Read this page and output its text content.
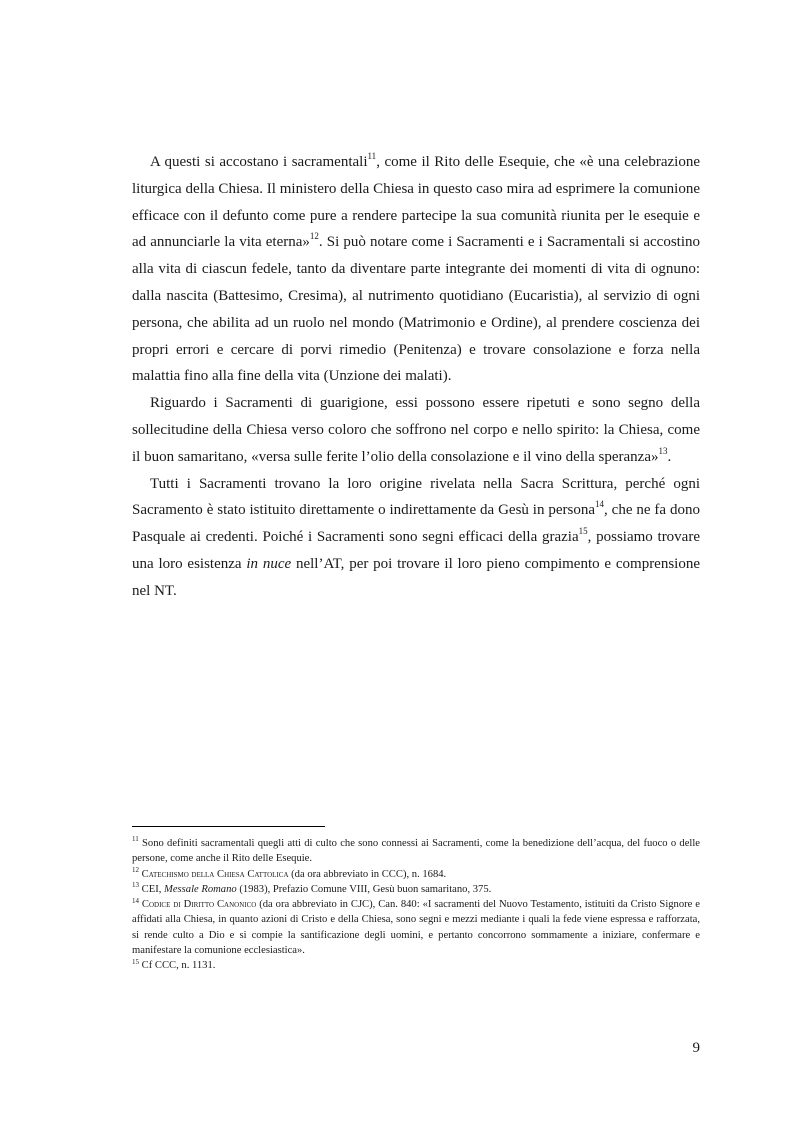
A questi si accostano i sacramentali$^{11}$, come il Rito delle Esequie, che «è una celebrazione liturgica della Chiesa. Il ministero della Chiesa in questo caso mira ad esprimere la comunione efficace con il defunto come pure a rendere partecipe la sua comunità riunita per le esequie e ad annunciarle la vita eterna»$^{12}$. Si può notare come i Sacramenti e i Sacramentali si accostino alla vita di ciascun fedele, tanto da diventare parte integrante dei momenti di vita di ognuno: dalla nascita (Battesimo, Cresima), al nutrimento quotidiano (Eucaristia), al servizio di ogni persona, che abilita ad un ruolo nel mondo (Matrimonio e Ordine), al prendere coscienza dei propri errori e cercare di porvi rimedio (Penitenza) e trovare consolazione e forza nella malattia fino alla fine della vita (Unzione dei malati).

Riguardo i Sacramenti di guarigione, essi possono essere ripetuti e sono segno della sollecitudine della Chiesa verso coloro che soffrono nel corpo e nello spirito: la Chiesa, come il buon samaritano, «versa sulle ferite l’olio della consolazione e il vino della speranza»$^{13}$.

Tutti i Sacramenti trovano la loro origine rivelata nella Sacra Scrittura, perché ogni Sacramento è stato istituito direttamente o indirettamente da Gesù in persona$^{14}$, che ne fa dono Pasquale ai credenti. Poiché i Sacramenti sono segni efficaci della grazia$^{15}$, possiamo trovare una loro esistenza in nuce nell’AT, per poi trovare il loro pieno compimento e comprensione nel NT.

$^{11}$ Sono definiti sacramentali quegli atti di culto che sono connessi ai Sacramenti, come la benedizione dell’acqua, del fuoco o delle persone, come anche il Rito delle Esequie.

$^{12}$ Catechismo della Chiesa Cattolica (da ora abbreviato in CCC), n. 1684.

$^{13}$ CEI, Messale Romano (1983), Prefazio Comune VIII, Gesù buon samaritano, 375.

$^{14}$ Codice di Diritto Canonico (da ora abbreviato in CJC), Can. 840: «I sacramenti del Nuovo Testamento, istituiti da Cristo Signore e affidati alla Chiesa, in quanto azioni di Cristo e della Chiesa, sono segni e mezzi mediante i quali la fede viene espressa e rafforzata, si rende culto a Dio e si compie la santificazione degli uomini, e pertanto concorrono sommamente a iniziare, confermare e manifestare la comunione ecclesiastica».

$^{15}$ Cf CCC, n. 1131.

9
